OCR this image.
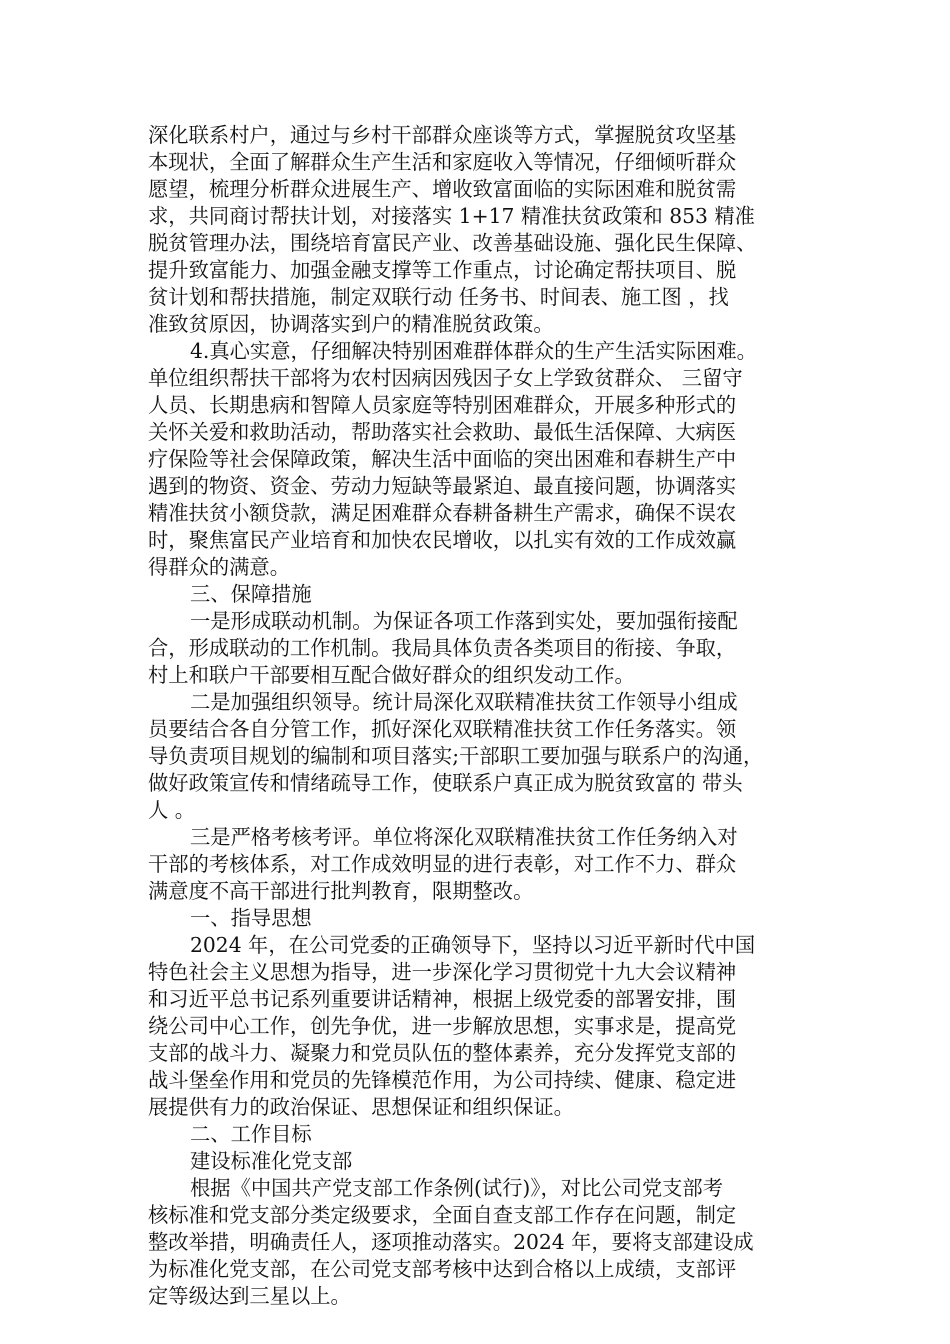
深化联系村户，通过与乡村干部群众座谈等方式，掌握脱贫攻坚基
本现状，全面了解群众生产生活和家庭收入等情况，仔细倾听群众
愿望，梳理分析群众进展生产、增收致富面临的实际困难和脱贫需
求，共同商讨帮扶计划，对接落实 1+17 精准扶贫政策和 853 精准
脱贫管理办法，围绕培育富民产业、改善基础设施、强化民生保障、
提升致富能力、加强金融支撑等工作重点，讨论确定帮扶项目、脱
贫计划和帮扶措施，制定双联行动 任务书、时间表、施工图 ，找
准致贫原因，协调落实到户的精准脱贫政策。
4.真心实意，仔细解决特别困难群体群众的生产生活实际困难。
单位组织帮扶干部将为农村因病因残因子女上学致贫群众、 三留守
人员、长期患病和智障人员家庭等特别困难群众，开展多种形式的
关怀关爱和救助活动，帮助落实社会救助、最低生活保障、大病医
疗保险等社会保障政策，解决生活中面临的突出困难和春耕生产中
遇到的物资、资金、劳动力短缺等最紧迫、最直接问题，协调落实
精准扶贫小额贷款，满足困难群众春耕备耕生产需求，确保不误农
时，聚焦富民产业培育和加快农民增收，以扎实有效的工作成效赢
得群众的满意。
三、保障措施
一是形成联动机制。为保证各项工作落到实处，要加强衔接配
合，形成联动的工作机制。我局具体负责各类项目的衔接、争取，
村上和联户干部要相互配合做好群众的组织发动工作。
二是加强组织领导。统计局深化双联精准扶贫工作领导小组成
员要结合各自分管工作，抓好深化双联精准扶贫工作任务落实。领
导负责项目规划的编制和项目落实;干部职工要加强与联系户的沟通，
做好政策宣传和情绪疏导工作，使联系户真正成为脱贫致富的 带头
人 。
三是严格考核考评。单位将深化双联精准扶贫工作任务纳入对
干部的考核体系，对工作成效明显的进行表彰，对工作不力、群众
满意度不高干部进行批判教育，限期整改。
一、指导思想
2024 年，在公司党委的正确领导下，坚持以习近平新时代中国
特色社会主义思想为指导，进一步深化学习贯彻党十九大会议精神
和习近平总书记系列重要讲话精神，根据上级党委的部署安排，围
绕公司中心工作，创先争优，进一步解放思想，实事求是，提高党
支部的战斗力、凝聚力和党员队伍的整体素养，充分发挥党支部的
战斗堡垒作用和党员的先锋模范作用，为公司持续、健康、稳定进
展提供有力的政治保证、思想保证和组织保证。
二、工作目标
建设标准化党支部
根据《中国共产党支部工作条例(试行)》，对比公司党支部考
核标准和党支部分类定级要求，全面自查支部工作存在问题，制定
整改举措，明确责任人，逐项推动落实。2024 年，要将支部建设成
为标准化党支部，在公司党支部考核中达到合格以上成绩，支部评
定等级达到三星以上。
